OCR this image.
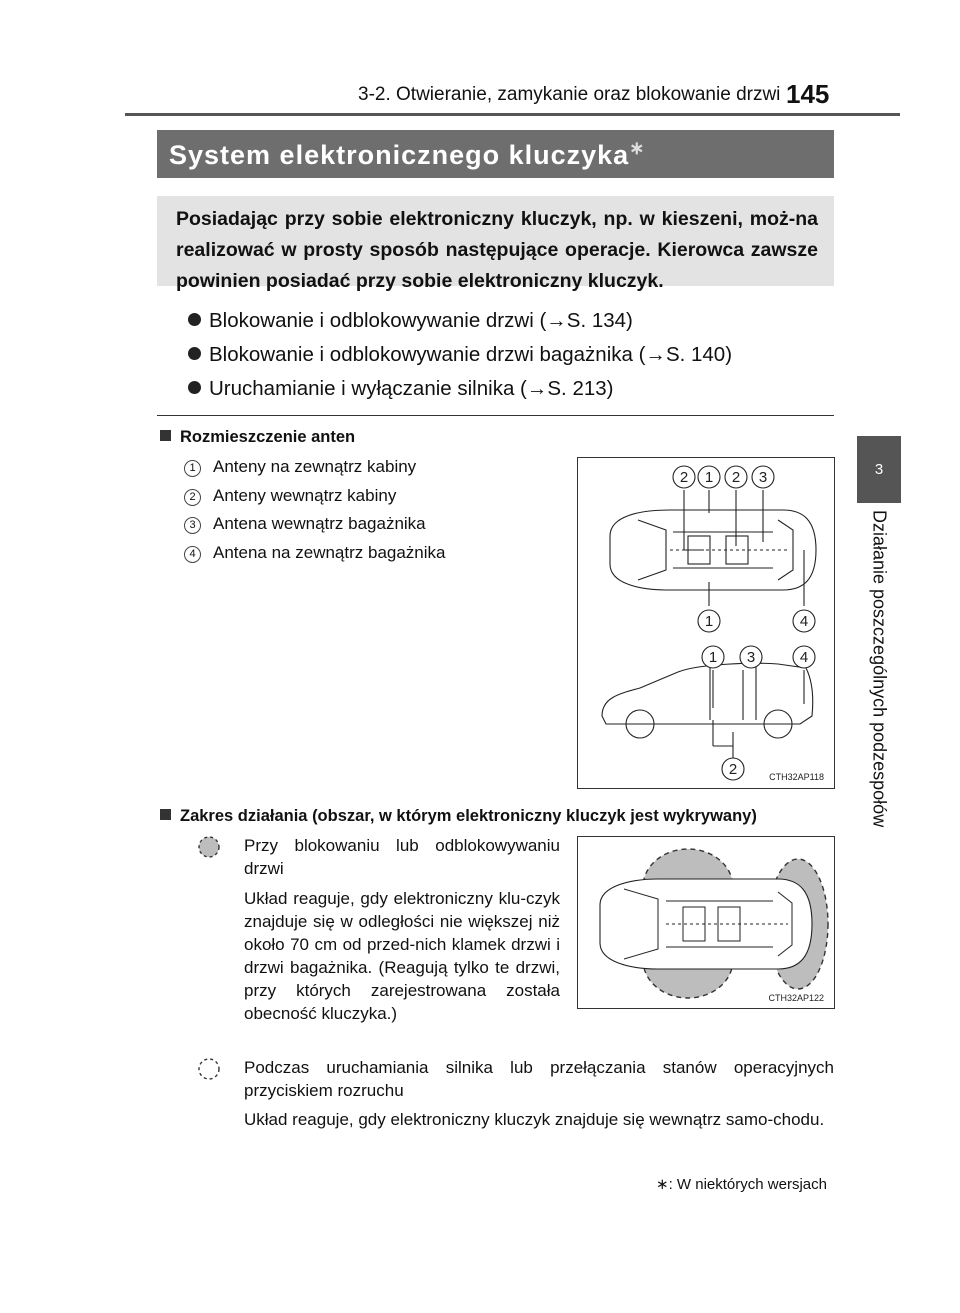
3-2. Otwieranie, zamykanie oraz blokowanie drzwi 145
3
Działanie poszczególnych podzespołów
System elektronicznego kluczyka∗

Posiadając przy sobie elektroniczny kluczyk, np. w kieszeni, moż-na realizować w prosty sposób następujące operacje. Kierowca zawsze powinien posiadać przy sobie elektroniczny kluczyk.

Blokowanie i odblokowywanie drzwi (→S. 134)
Blokowanie i odblokowywanie drzwi bagażnika (→S. 140)
Uruchamianie i wyłączanie silnika (→S. 213)
Rozmieszczenie anten
1 Anteny na zewnątrz kabiny
2 Anteny wewnątrz kabiny
3 Antena wewnątrz bagażnika
4 Antena na zewnątrz bagażnika
2 1 2 3
1	4
1 3	4
2	CTH32AP118
Zakres działania (obszar, w którym elektroniczny kluczyk jest wykrywany)
CTH32AP122
Przy blokowaniu lub odblokowywaniu drzwi
Układ reaguje, gdy elektroniczny klu-czyk znajduje się w odległości nie większej niż około 70 cm od przed-nich klamek drzwi i drzwi bagażnika. (Reagują tylko te drzwi, przy których zarejestrowana została obecność kluczyka.)
Podczas uruchamiania silnika lub przełączania stanów operacyjnych przyciskiem rozruchu
Układ reaguje, gdy elektroniczny kluczyk znajduje się wewnątrz samo-chodu.
∗: W niektórych wersjach
